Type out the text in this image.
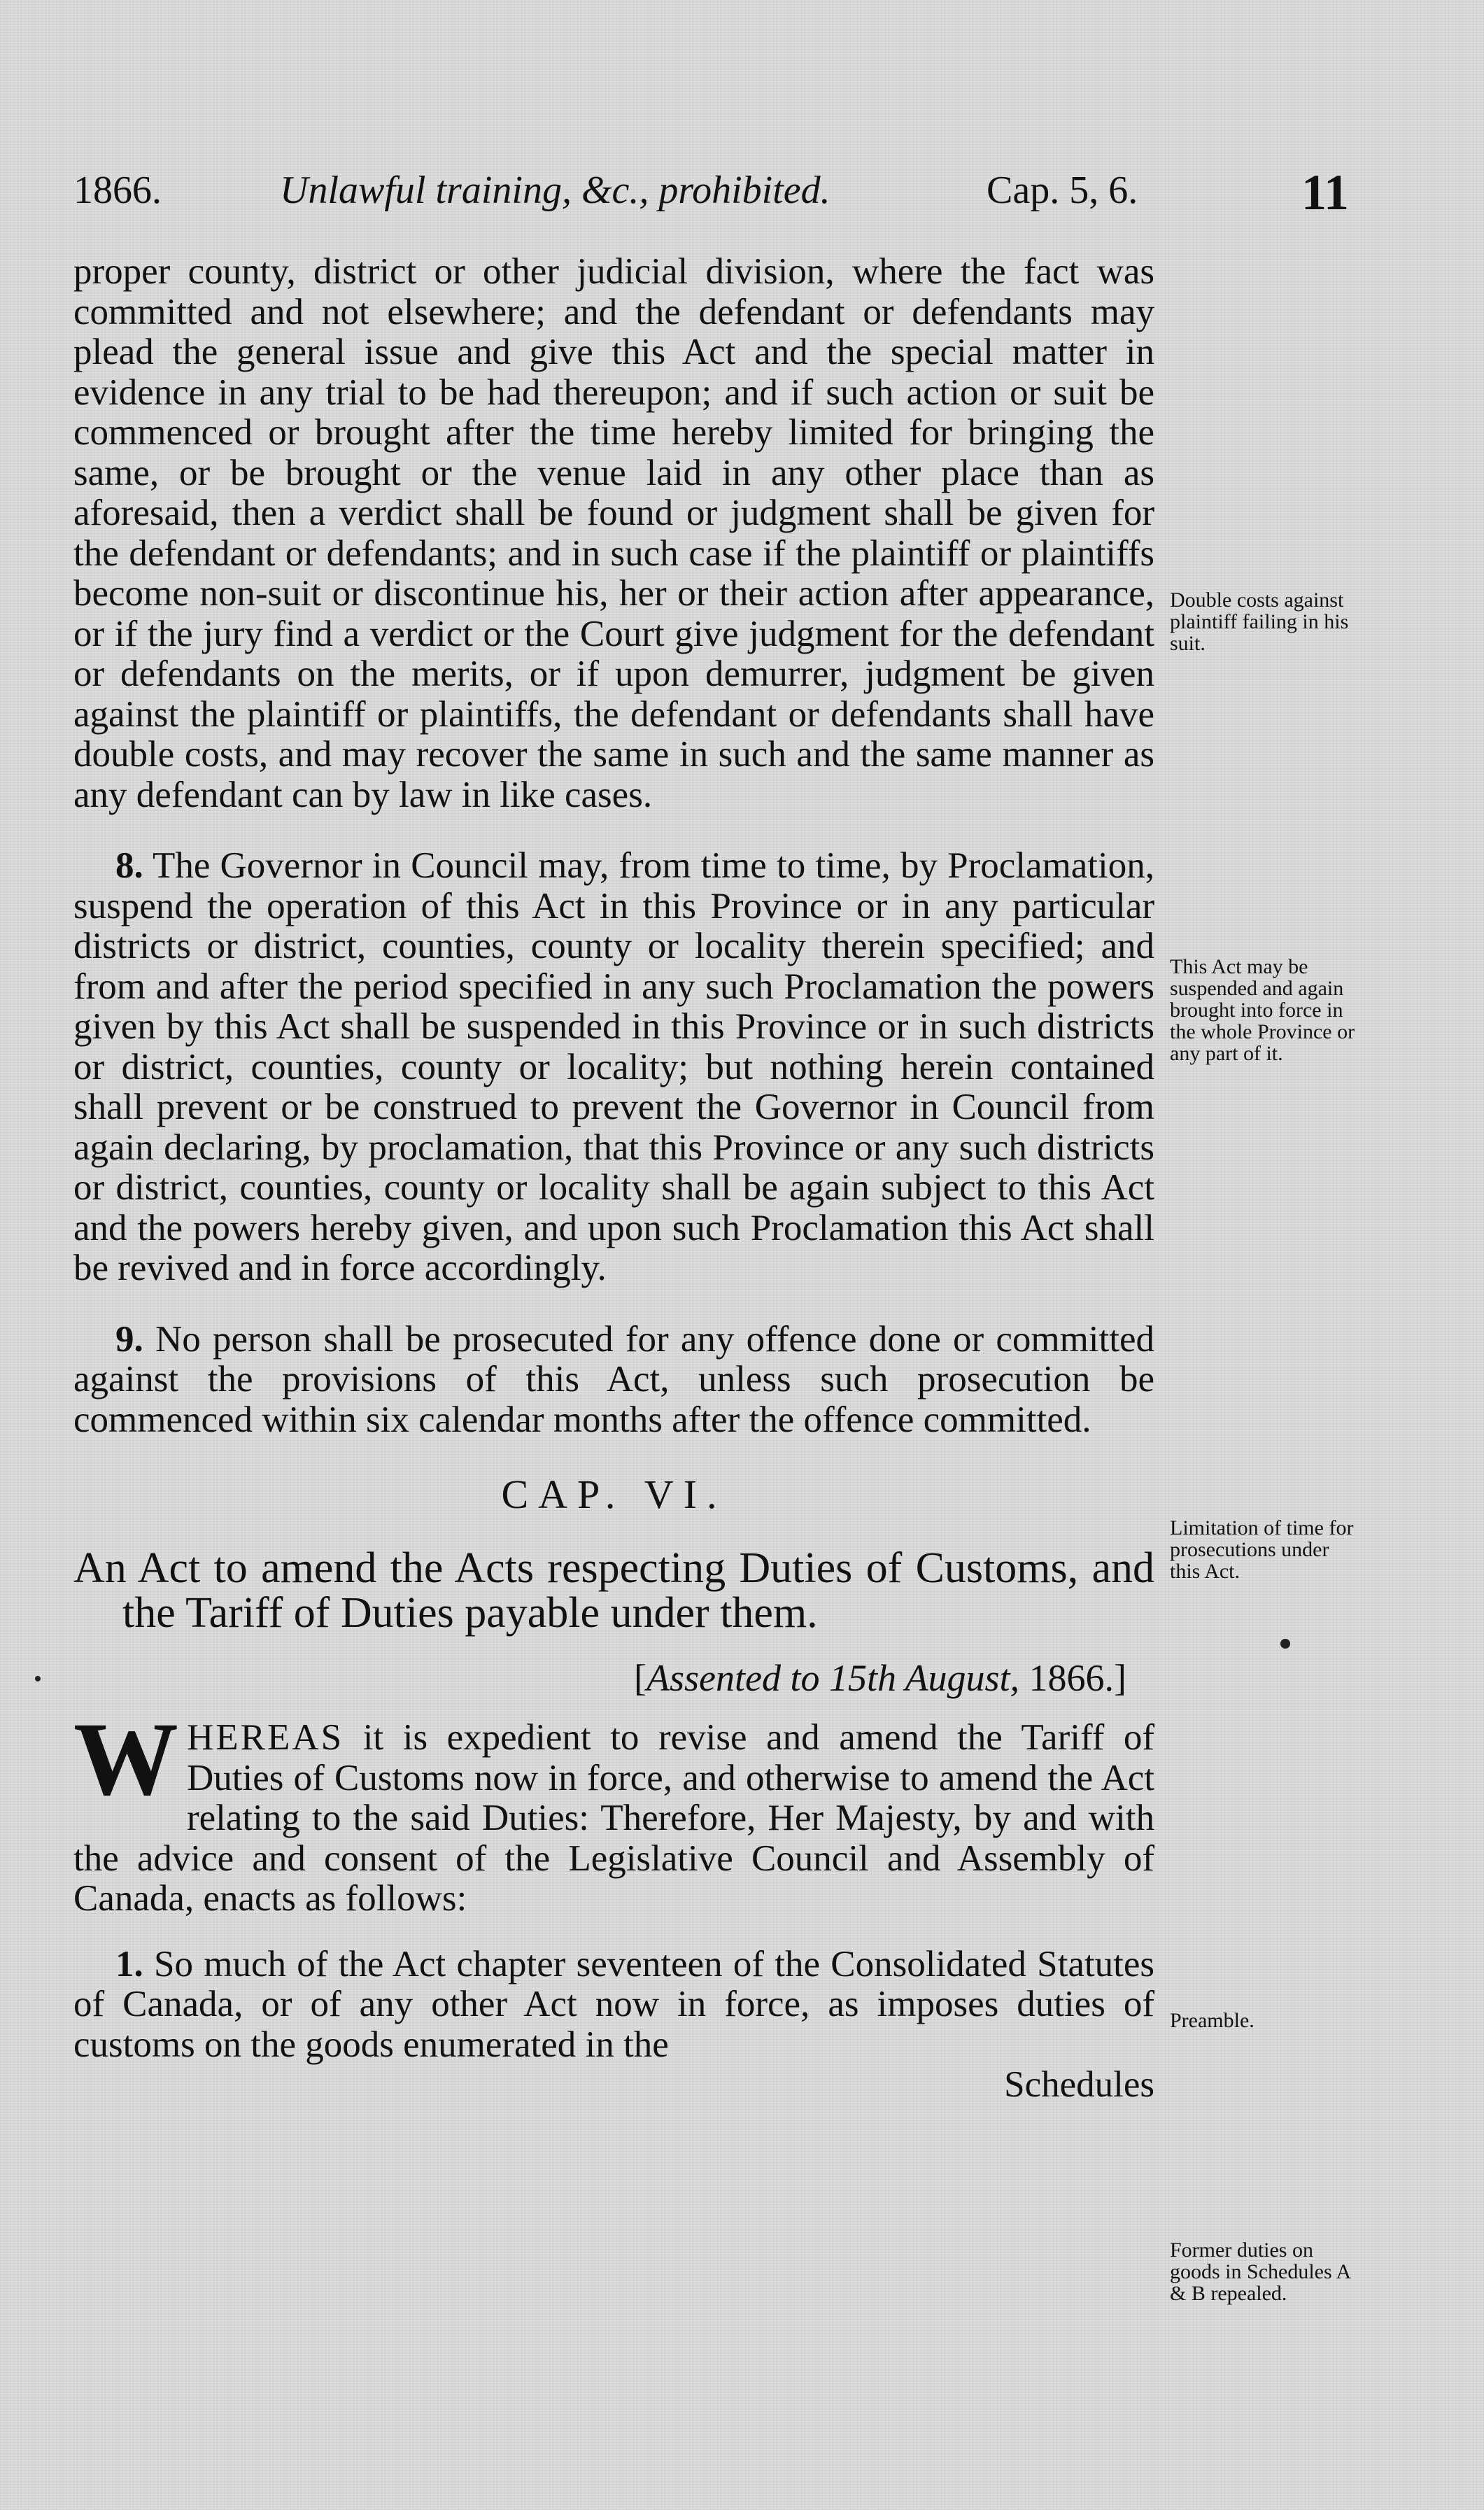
1866.	Unlawful training, &c., prohibited.	Cap. 5, 6.	11

proper county, district or other judicial division, where the fact was committed and not elsewhere; and the defendant or defendants may plead the general issue and give this Act and the special matter in evidence in any trial to be had thereupon; and if such action or suit be commenced or brought after the time hereby limited for bringing the same, or be brought or the venue laid in any other place than as aforesaid, then a verdict shall be found or judgment shall be given for the defendant or defendants; and in such case if the plaintiff or plaintiffs become non-suit or discontinue his, her or their action after appearance, or if the jury find a verdict or the Court give judgment for the defendant or defendants on the merits, or if upon demurrer, judgment be given against the plaintiff or plaintiffs, the defendant or defendants shall have double costs, and may recover the same in such and the same manner as any defendant can by law in like cases.

8. The Governor in Council may, from time to time, by Proclamation, suspend the operation of this Act in this Province or in any particular districts or district, counties, county or locality therein specified; and from and after the period specified in any such Proclamation the powers given by this Act shall be suspended in this Province or in such districts or district, counties, county or locality; but nothing herein contained shall prevent or be construed to prevent the Governor in Council from again declaring, by proclamation, that this Province or any such districts or district, counties, county or locality shall be again subject to this Act and the powers hereby given, and upon such Proclamation this Act shall be revived and in force accordingly.

9. No person shall be prosecuted for any offence done or committed against the provisions of this Act, unless such prosecution be commenced within six calendar months after the offence committed.

CAP. VI.
An Act to amend the Acts respecting Duties of Customs, and the Tariff of Duties payable under them.
[Assented to 15th August, 1866.]
W HEREAS it is expedient to revise and amend the Tariff of Duties of Customs now in force, and otherwise to amend the Act relating to the said Duties: Therefore, Her Majesty, by and with the advice and consent of the Legislative Council and Assembly of Canada, enacts as follows:

1. So much of the Act chapter seventeen of the Consolidated Statutes of Canada, or of any other Act now in force, as imposes duties of customs on the goods enumerated in the
Schedules

Double costs against plaintiff failing in his suit.
This Act may be suspended and again brought into force in the whole Province or any part of it.
Limitation of time for prosecutions under this Act.
Preamble.
Former duties on goods in Schedules A & B repealed.
